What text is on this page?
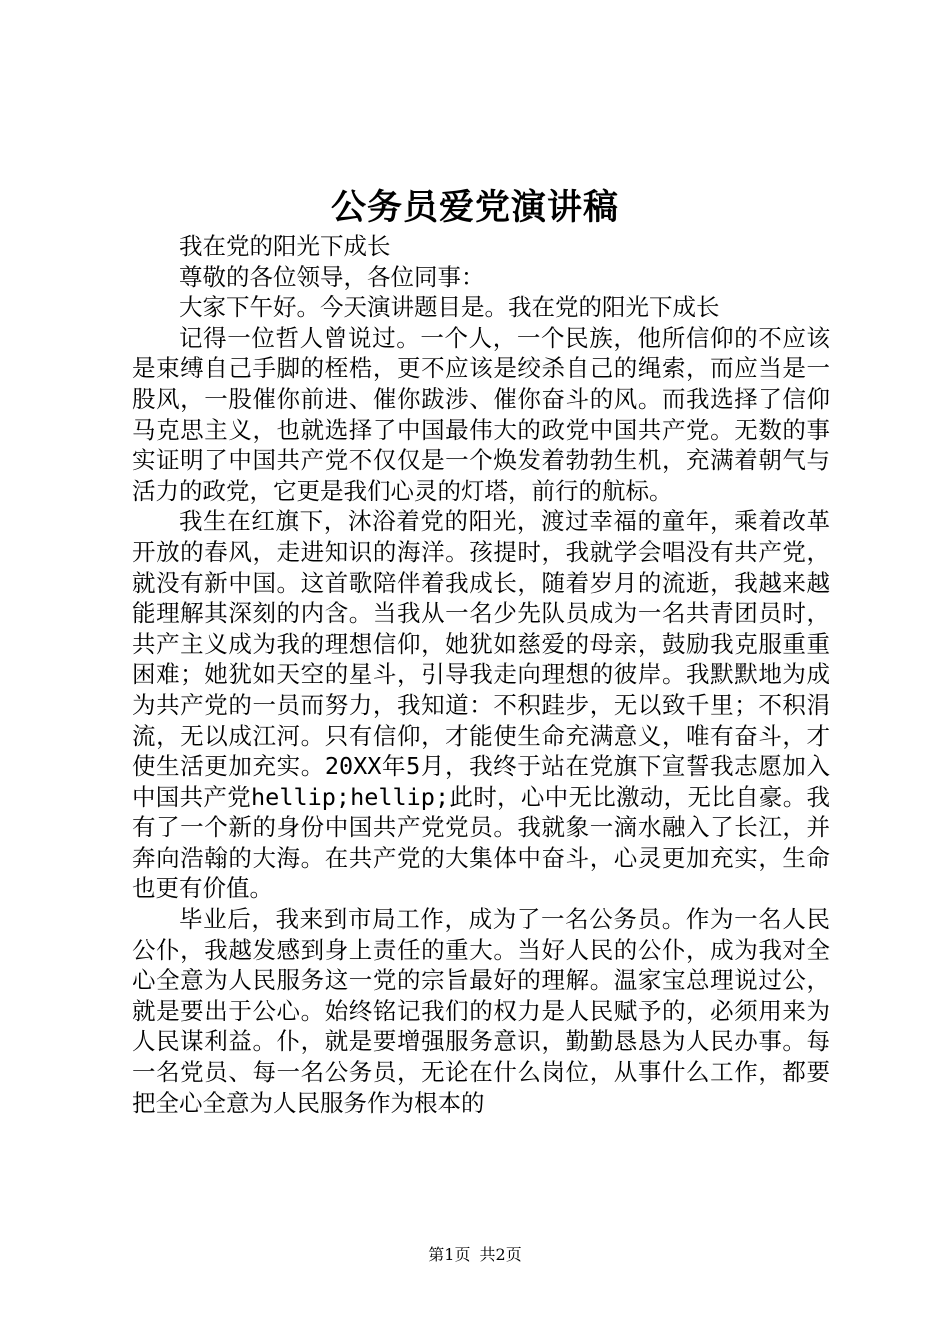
公务员爱党演讲稿

我在党的阳光下成长

尊敬的各位领导，各位同事：

大家下午好。今天演讲题目是。我在党的阳光下成长

记得一位哲人曾说过。一个人，一个民族，他所信仰的不应该是束缚自己手脚的桎梏，更不应该是绞杀自己的绳索，而应当是一股风，一股催你前进、催你跋涉、催你奋斗的风。而我选择了信仰马克思主义，也就选择了中国最伟大的政党中国共产党。无数的事实证明了中国共产党不仅仅是一个焕发着勃勃生机，充满着朝气与活力的政党，它更是我们心灵的灯塔，前行的航标。

我生在红旗下，沐浴着党的阳光，渡过幸福的童年，乘着改革开放的春风，走进知识的海洋。孩提时，我就学会唱没有共产党，就没有新中国。这首歌陪伴着我成长，随着岁月的流逝，我越来越能理解其深刻的内含。当我从一名少先队员成为一名共青团员时，共产主义成为我的理想信仰，她犹如慈爱的母亲，鼓励我克服重重困难；她犹如天空的星斗，引导我走向理想的彼岸。我默默地为成为共产党的一员而努力，我知道：不积跬步，无以致千里；不积涓流，无以成江河。只有信仰，才能使生命充满意义，唯有奋斗，才使生活更加充实。20XX年5月，我终于站在党旗下宣誓我志愿加入中国共产党hellip;hellip;此时，心中无比激动，无比自豪。我有了一个新的身份中国共产党党员。我就象一滴水融入了长江，并奔向浩翰的大海。在共产党的大集体中奋斗，心灵更加充实，生命也更有价值。

毕业后，我来到市局工作，成为了一名公务员。作为一名人民公仆，我越发感到身上责任的重大。当好人民的公仆，成为我对全心全意为人民服务这一党的宗旨最好的理解。温家宝总理说过公，就是要出于公心。始终铭记我们的权力是人民赋予的，必须用来为人民谋利益。仆，就是要增强服务意识，勤勤恳恳为人民办事。每一名党员、每一名公务员，无论在什么岗位，从事什么工作，都要把全心全意为人民服务作为根本的

第1页 共2页
